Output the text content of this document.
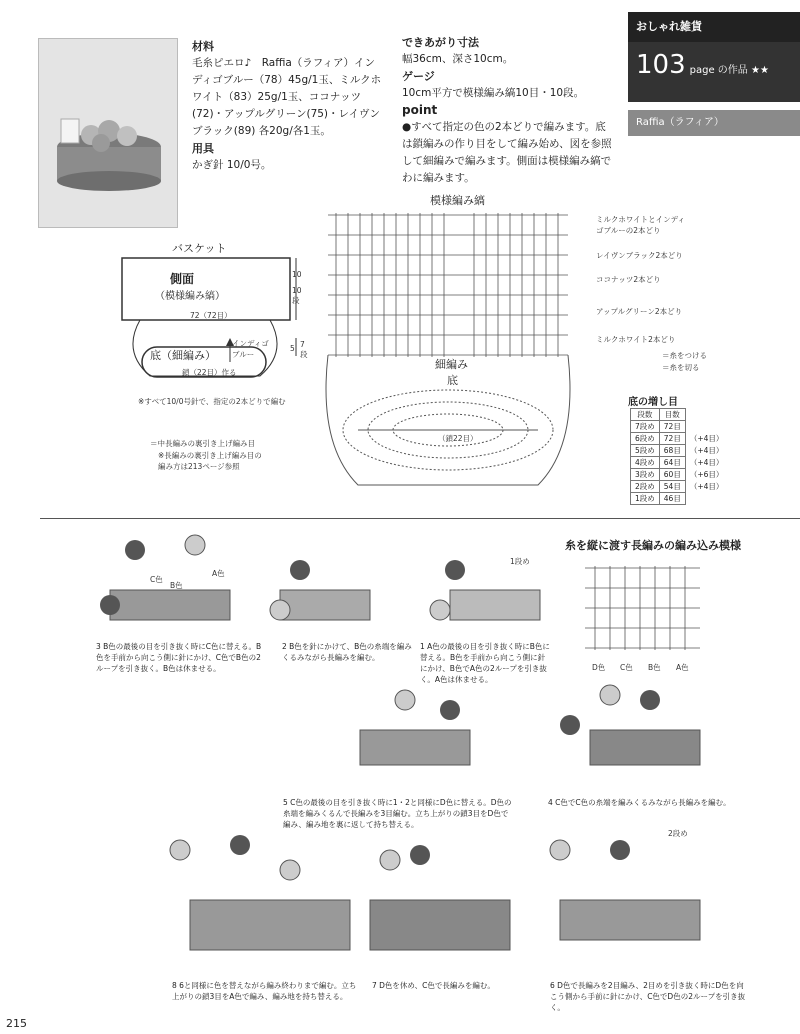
材料
毛糸ピエロ♪　Raffia（ラフィア）インディゴブルー（78）45g/1玉、ミルクホワイト（83）25g/1玉、ココナッツ(72)・アップルグリーン(75)・レイヴンブラック(89) 各20g/各1玉。
用具
かぎ針 10/0号。
できあがり寸法
幅36cm、深さ10cm。
ゲージ
10cm平方で模様編み縞10目・10段。
point
●すべて指定の色の2本どりで編みます。底は鎖編みの作り目をして編み始め、図を参照して細編みで編みます。側面は模様編み縞でわに編みます。
おしゃれ雑貨
103 page の作品 ★★
Raffia（ラフィア）
バスケット
側面
（模様編み縞）
72（72目）
10
10段
底（細編み）
インディゴブルー
鎖（22目）作る
5 7段
※すべて10/0号針で、指定の2本どりで編む
＝中長編みの裏引き上げ編み目
※長編みの裏引き上げ編み目の編み方は213ページ参照
模様編み縞
細編み
底
（鎖22目）
ミルクホワイトとインディゴブルーの2本どり
レイヴンブラック2本どり
ココナッツ2本どり
アップルグリーン2本どり
ミルクホワイト2本どり
＝糸をつける
＝糸を切る
底の増し目
段数	目数	
7段め	72目	
6段め	72目	（+4目）
5段め	68目	（+4目）
4段め	64目	（+4目）
3段め	60目	（+6目）
2段め	54目	（+4目）
1段め	46目	
糸を縦に渡す長編みの編み込み模様
D色 C色 B色 A色
1段め
2段め
C色
B色
A色
3 B色の最後の目を引き抜く時にC色に替える。B色を手前から向こう側に針にかけ、C色でB色の2ループを引き抜く。B色は休ませる。
2 B色を針にかけて、B色の糸端を編みくるみながら長編みを編む。
1 A色の最後の目を引き抜く時にB色に替える。B色を手前から向こう側に針にかけ、B色でA色の2ループを引き抜く。A色は休ませる。
5 C色の最後の目を引き抜く時に1・2と同様にD色に替える。D色の糸端を編みくるんで長編みを3目編む。立ち上がりの鎖3目をD色で編み、編み地を裏に返して持ち替える。
4 C色でC色の糸端を編みくるみながら長編みを編む。
8 6と同様に色を替えながら編み終わりまで編む。立ち上がりの鎖3目をA色で編み、編み地を持ち替える。
7 D色を休め、C色で長編みを編む。	6 D色で長編みを2目編み、2目めを引き抜く時にD色を向こう側から手前に針にかけ、C色でD色の2ループを引き抜く。
215
